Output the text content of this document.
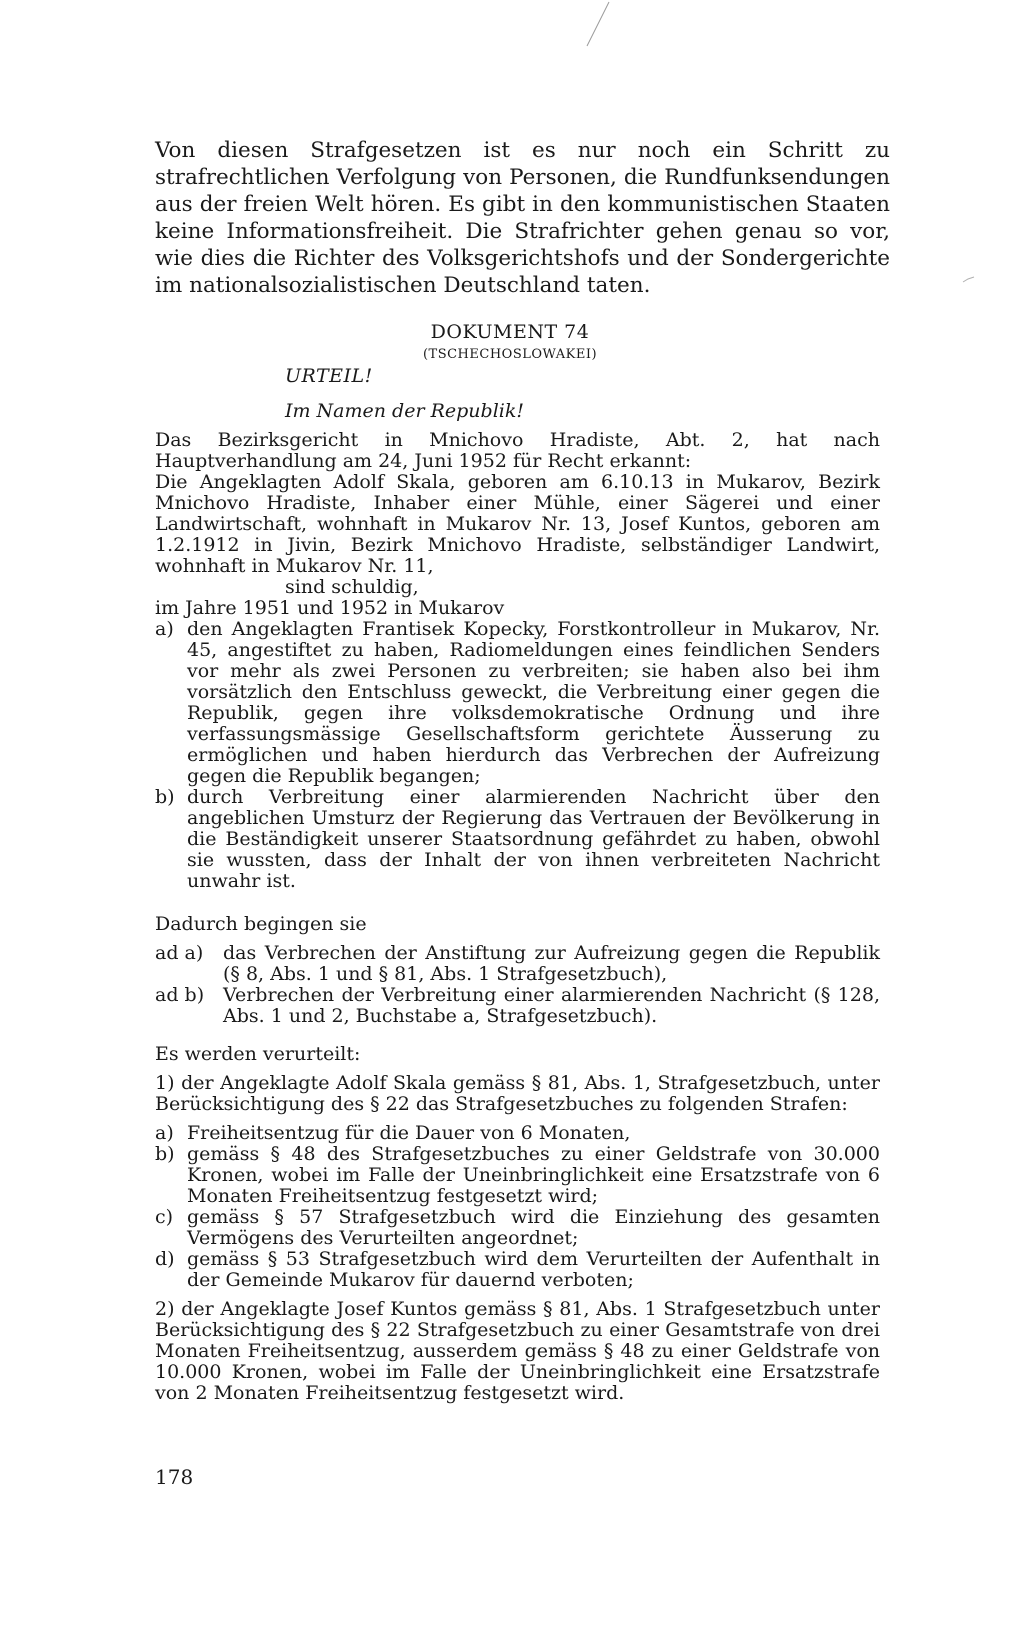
Von diesen Strafgesetzen ist es nur noch ein Schritt zu strafrechtlichen Verfolgung von Personen, die Rundfunksendungen aus der freien Welt hören. Es gibt in den kommunistischen Staaten keine Informationsfreiheit. Die Strafrichter gehen genau so vor, wie dies die Richter des Volksgerichtshofs und der Sondergerichte im nationalsozialistischen Deutschland taten.

DOKUMENT 74
(TSCHECHOSLOWAKEI)
URTEIL!
Im Namen der Republik!

Das Bezirksgericht in Mnichovo Hradiste, Abt. 2, hat nach Hauptverhandlung am 24, Juni 1952 für Recht erkannt:

Die Angeklagten Adolf Skala, geboren am 6.10.13 in Mukarov, Bezirk Mnichovo Hradiste, Inhaber einer Mühle, einer Sägerei und einer Landwirtschaft, wohnhaft in Mukarov Nr. 13, Josef Kuntos, geboren am 1.2.1912 in Jivin, Bezirk Mnichovo Hradiste, selbständiger Landwirt, wohnhaft in Mukarov Nr. 11,

sind schuldig,

im Jahre 1951 und 1952 in Mukarov

a) den Angeklagten Frantisek Kopecky, Forstkontrolleur in Mukarov, Nr. 45, angestiftet zu haben, Radiomeldungen eines feindlichen Senders vor mehr als zwei Personen zu verbreiten; sie haben also bei ihm vorsätzlich den Entschluss geweckt, die Verbreitung einer gegen die Republik, gegen ihre volksdemokratische Ordnung und ihre verfassungsmässige Gesellschaftsform gerichtete Äusserung zu ermöglichen und haben hierdurch das Verbrechen der Aufreizung gegen die Republik begangen;
b) durch Verbreitung einer alarmierenden Nachricht über den angeblichen Umsturz der Regierung das Vertrauen der Bevölkerung in die Beständigkeit unserer Staatsordnung gefährdet zu haben, obwohl sie wussten, dass der Inhalt der von ihnen verbreiteten Nachricht unwahr ist.

Dadurch begingen sie

ad a)	das Verbrechen der Anstiftung zur Aufreizung gegen die Republik (§ 8, Abs. 1 und § 81, Abs. 1 Strafgesetzbuch),
ad b) Verbrechen der Verbreitung einer alarmierenden Nachricht (§ 128, Abs. 1 und 2, Buchstabe a, Strafgesetzbuch).

Es werden verurteilt:

1) der Angeklagte Adolf Skala gemäss § 81, Abs. 1, Strafgesetzbuch, unter Berücksichtigung des § 22 das Strafgesetzbuches zu folgenden Strafen:

a) Freiheitsentzug für die Dauer von 6 Monaten,
b) gemäss § 48 des Strafgesetzbuches zu einer Geldstrafe von 30.000 Kronen, wobei im Falle der Uneinbringlichkeit eine Ersatzstrafe von 6 Monaten Freiheitsentzug festgesetzt wird;
c) gemäss § 57 Strafgesetzbuch wird die Einziehung des gesamten Vermögens des Verurteilten angeordnet;
d) gemäss § 53 Strafgesetzbuch wird dem Verurteilten der Aufenthalt in der Gemeinde Mukarov für dauernd verboten;

2) der Angeklagte Josef Kuntos gemäss § 81, Abs. 1 Strafgesetzbuch unter Berücksichtigung des § 22 Strafgesetzbuch zu einer Gesamtstrafe von drei Monaten Freiheitsentzug, ausserdem gemäss § 48 zu einer Geldstrafe von 10.000 Kronen, wobei im Falle der Uneinbringlichkeit eine Ersatzstrafe von 2 Monaten Freiheitsentzug festgesetzt wird.

178
